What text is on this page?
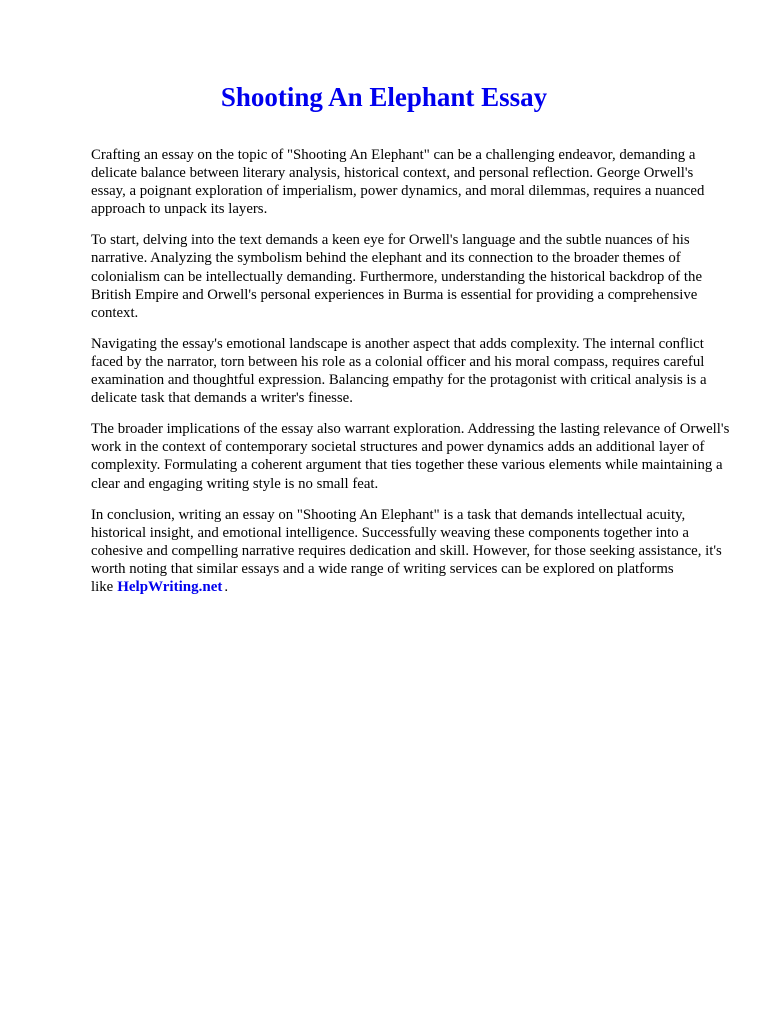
Shooting An Elephant Essay

Crafting an essay on the topic of "Shooting An Elephant" can be a challenging endeavor, demanding a delicate balance between literary analysis, historical context, and personal reflection. George Orwell's essay, a poignant exploration of imperialism, power dynamics, and moral dilemmas, requires a nuanced approach to unpack its layers.

To start, delving into the text demands a keen eye for Orwell's language and the subtle nuances of his narrative. Analyzing the symbolism behind the elephant and its connection to the broader themes of colonialism can be intellectually demanding. Furthermore, understanding the historical backdrop of the British Empire and Orwell's personal experiences in Burma is essential for providing a comprehensive context.

Navigating the essay's emotional landscape is another aspect that adds complexity. The internal conflict faced by the narrator, torn between his role as a colonial officer and his moral compass, requires careful examination and thoughtful expression. Balancing empathy for the protagonist with critical analysis is a delicate task that demands a writer's finesse.

The broader implications of the essay also warrant exploration. Addressing the lasting relevance of Orwell's work in the context of contemporary societal structures and power dynamics adds an additional layer of complexity. Formulating a coherent argument that ties together these various elements while maintaining a clear and engaging writing style is no small feat.

In conclusion, writing an essay on "Shooting An Elephant" is a task that demands intellectual acuity, historical insight, and emotional intelligence. Successfully weaving these components together into a cohesive and compelling narrative requires dedication and skill. However, for those seeking assistance, it's worth noting that similar essays and a wide range of writing services can be explored on platforms like HelpWriting.net .
